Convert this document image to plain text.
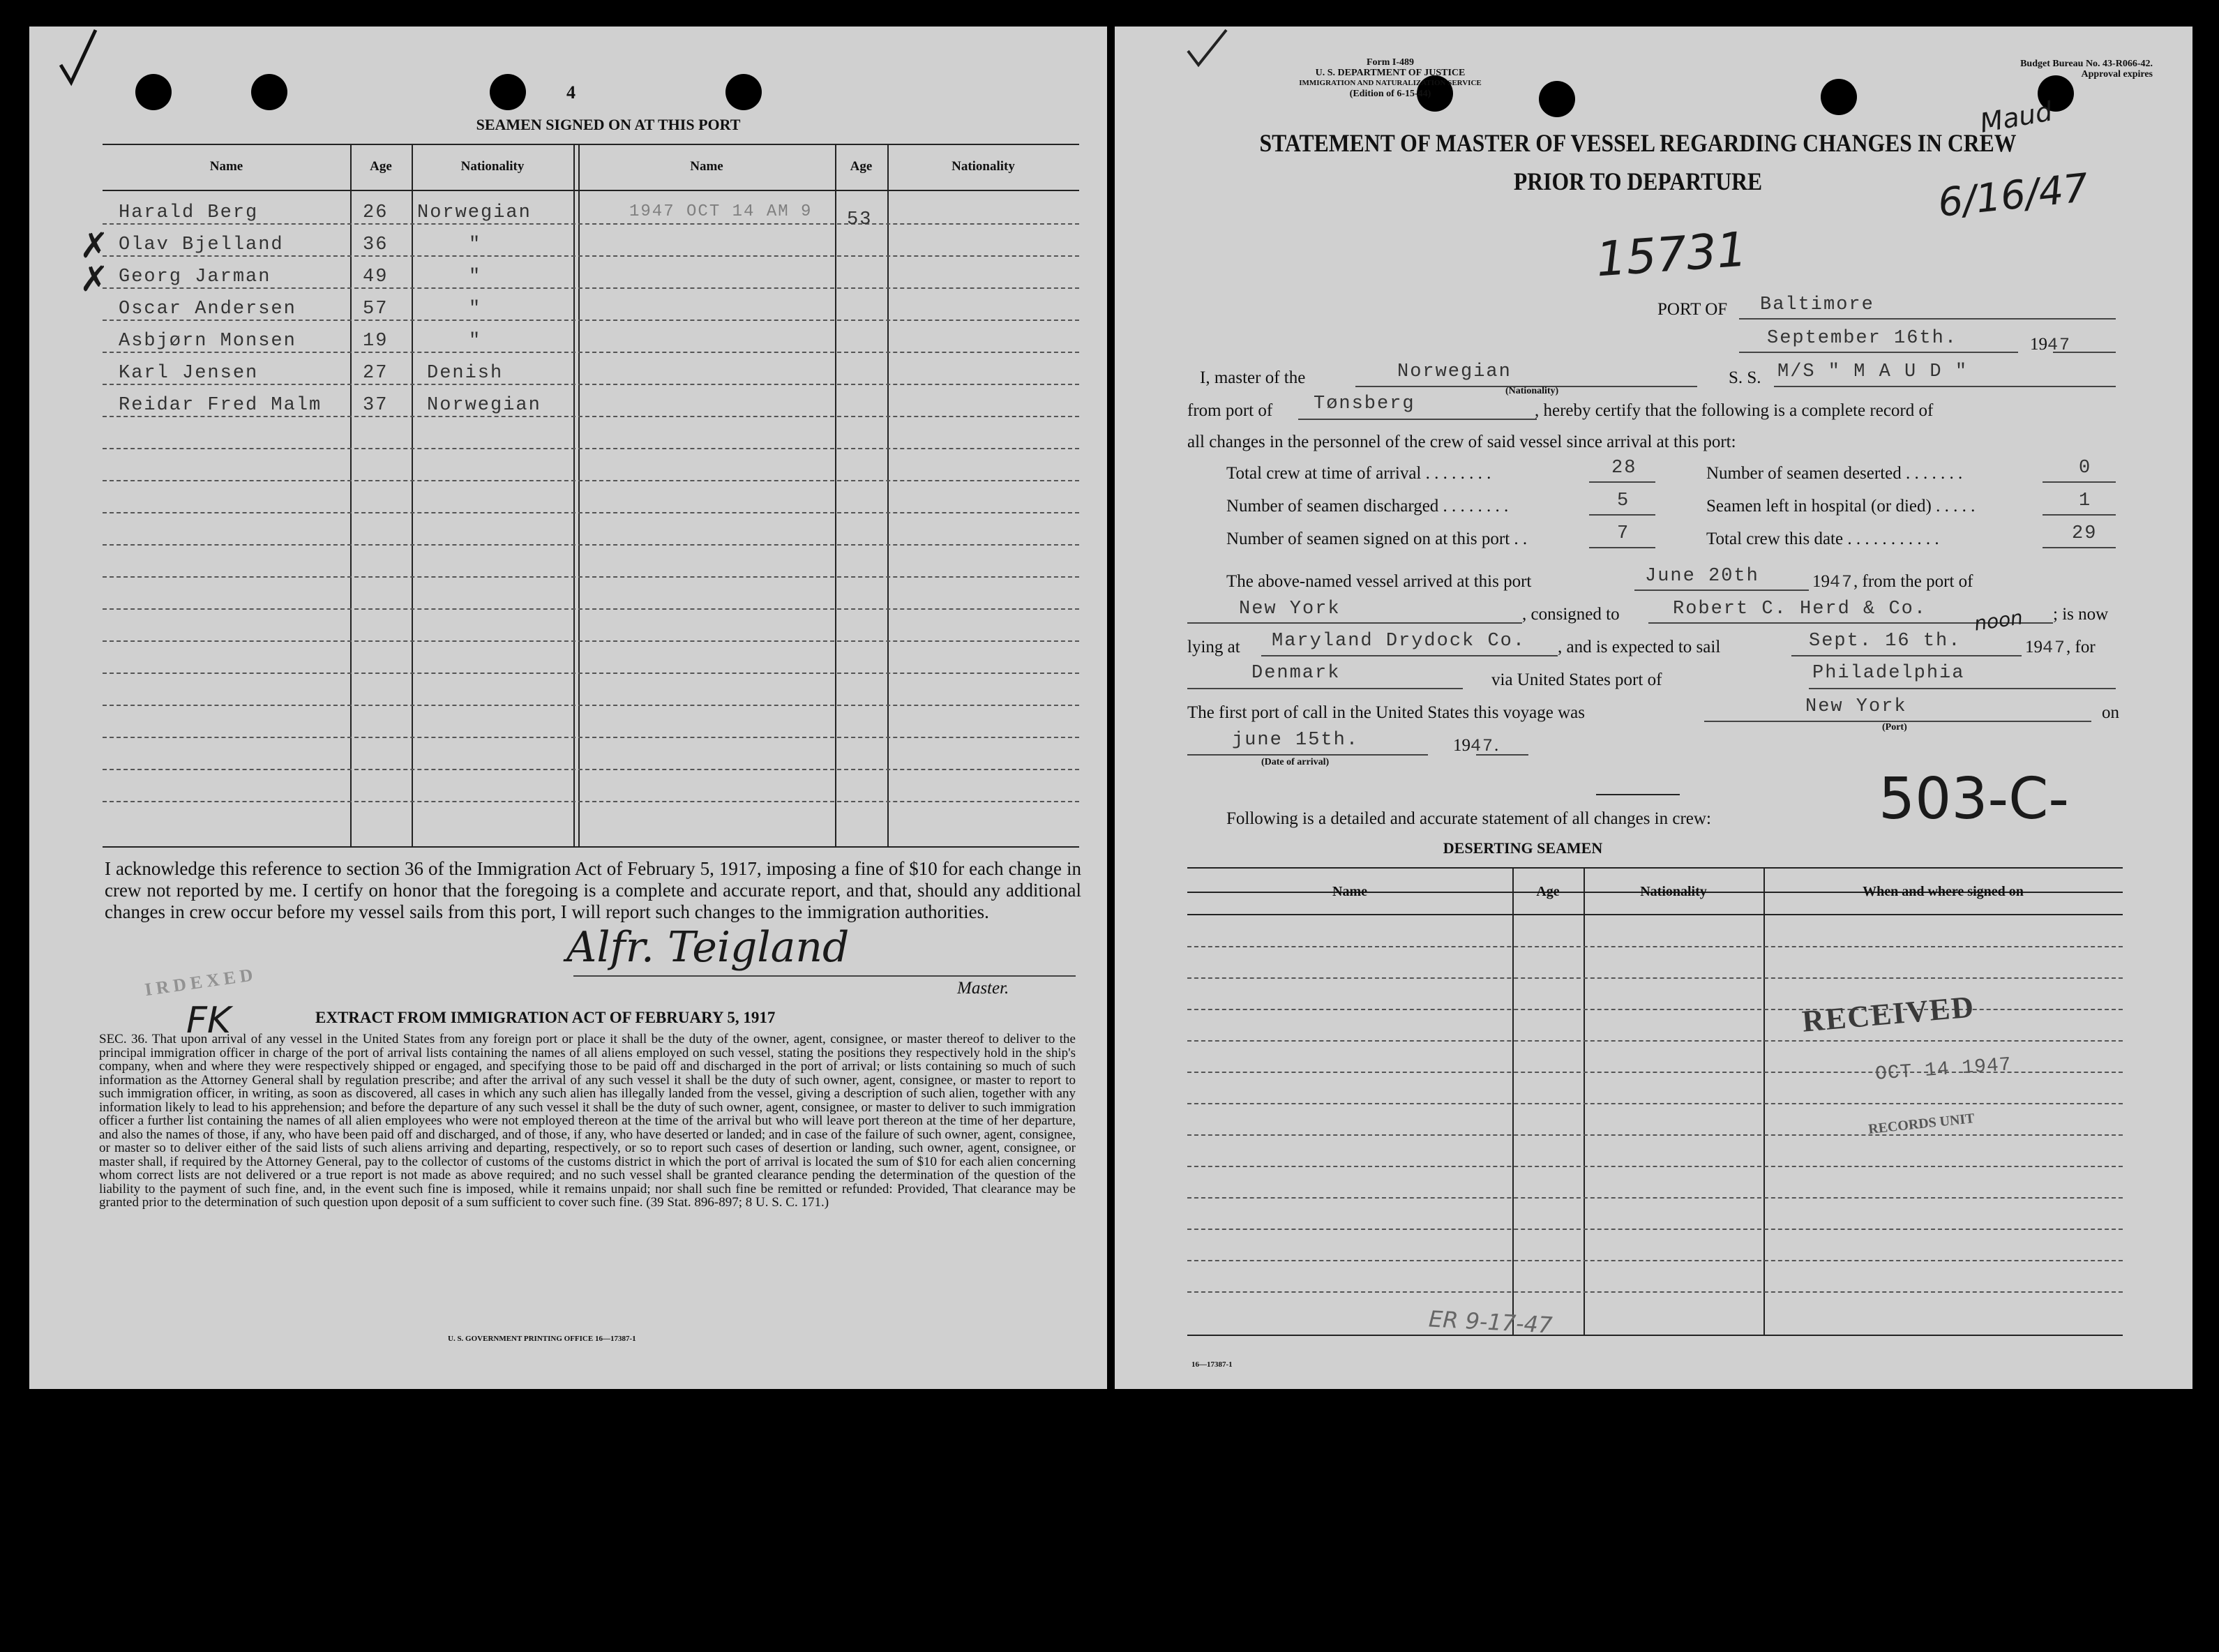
4
SEAMEN SIGNED ON AT THIS PORT
Name	Age	Nationality	Name	Age	Nationality
Harald Berg	26 Norwegian
Olav Bjelland	36	"
Georg Jarman	49	"
Oscar Andersen	57	"
Asbjørn Monsen	19	"
Karl Jensen	27 Denish
Reidar Fred Malm 37 Norwegian
✗
✗
1947 OCT 14 AM 9 53
I acknowledge this reference to section 36 of the Immigration Act of February 5, 1917, imposing a fine of $10 for each change in crew not reported by me. I certify on honor that the foregoing is a complete and accurate report, and that, should any additional changes in crew occur before my vessel sails from this port, I will report such changes to the immigration authorities.
Alfr. Teigland
Master.
IRDEXED
FK	EXTRACT FROM IMMIGRATION ACT OF FEBRUARY 5, 1917
SEC. 36. That upon arrival of any vessel in the United States from any foreign port or place it shall be the duty of the owner, agent, consignee, or master thereof to deliver to the principal immigration officer in charge of the port of arrival lists containing the names of all aliens employed on such vessel, stating the positions they respectively hold in the ship's company, when and where they were respectively shipped or engaged, and specifying those to be paid off and discharged in the port of arrival; or lists containing so much of such information as the Attorney General shall by regulation prescribe; and after the arrival of any such vessel it shall be the duty of such owner, agent, consignee, or master to report to such immigration officer, in writing, as soon as discovered, all cases in which any such alien has illegally landed from the vessel, giving a description of such alien, together with any information likely to lead to his apprehension; and before the departure of any such vessel it shall be the duty of such owner, agent, consignee, or master to deliver to such immigration officer a further list containing the names of all alien employees who were not employed thereon at the time of the arrival but who will leave port thereon at the time of her departure, and also the names of those, if any, who have been paid off and discharged, and of those, if any, who have deserted or landed; and in case of the failure of such owner, agent, consignee, or master so to deliver either of the said lists of such aliens arriving and departing, respectively, or so to report such cases of desertion or landing, such owner, agent, consignee, or master shall, if required by the Attorney General, pay to the collector of customs of the customs district in which the port of arrival is located the sum of $10 for each alien concerning whom correct lists are not delivered or a true report is not made as above required; and no such vessel shall be granted clearance pending the determination of the question of the liability to the payment of such fine, and, in the event such fine is imposed, while it remains unpaid; nor shall such fine be remitted or refunded: Provided, That clearance may be granted prior to the determination of such question upon deposit of a sum sufficient to cover such fine. (39 Stat. 896-897; 8 U. S. C. 171.)
U. S. GOVERNMENT PRINTING OFFICE 16—17387-1
Form I-489
U. S. DEPARTMENT OF JUSTICE
IMMIGRATION AND NATURALIZATION SERVICE
(Edition of 6-15-44)
Budget Bureau No. 43-R066-42.
Approval expires
STATEMENT OF MASTER OF VESSEL REGARDING CHANGES IN CREW
PRIOR TO DEPARTURE
Maud
6/16/47
15731
PORT OF Baltimore
September 16th.	1947
I, master of the	Norwegian
(Nationality)
S. S. M/S " M A U D "
from port of Tønsberg	, hereby certify that the following is a complete record of
all changes in the personnel of the crew of said vessel since arrival at this port:
Total crew at time of arrival . . . . . . . .	28
Number of seamen discharged . . . . . . . .	5
Number of seamen signed on at this port . .	7
Number of seamen deserted . . . . . . .	0
Seamen left in hospital (or died) . . . . .	1
Total crew this date . . . . . . . . . . .	29
The above-named vessel arrived at this port	June 20th	1947, from the port of
New York	, consigned to	Robert C. Herd & Co.	; is now
lying at Maryland Drydock Co. , and is expected to sail	Sept. 16 th.
noon
1947, for
Denmark	via United States port of	Philadelphia
The first port of call in the United States this voyage was	New York
(Port)
on
june 15th.
(Date of arrival)
1947.
503-C-
Following is a detailed and accurate statement of all changes in crew:
DESERTING SEAMEN
Name	Age	Nationality	When and where signed on
RECEIVED
OCT 14 1947
RECORDS UNIT
ER 9-17-47
16—17387-1
